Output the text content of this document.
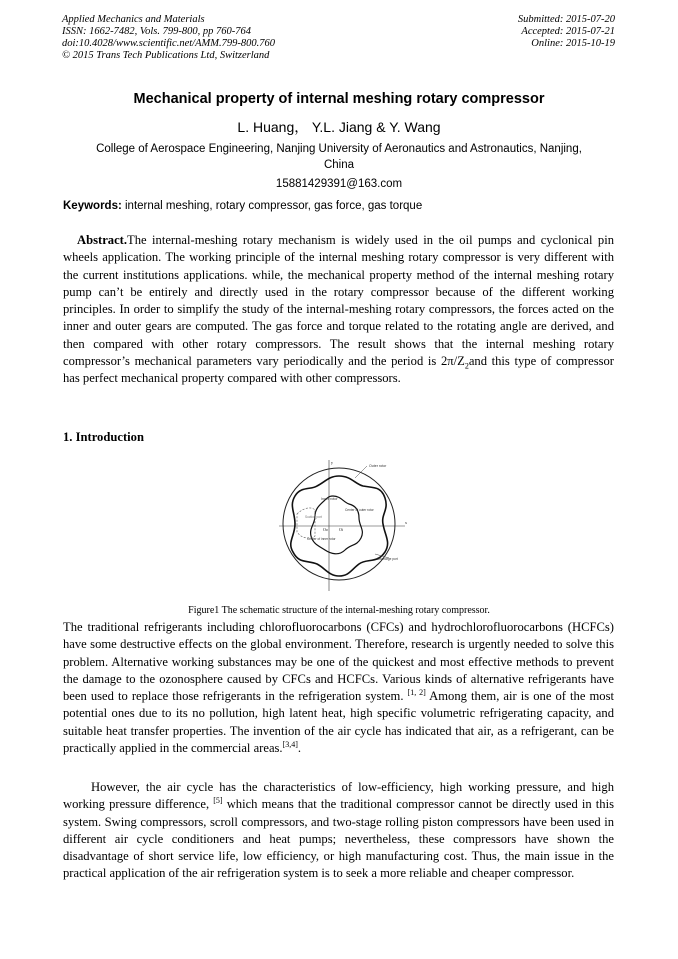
Applied Mechanics and Materials
ISSN: 1662-7482, Vols. 799-800, pp 760-764
doi:10.4028/www.scientific.net/AMM.799-800.760
© 2015 Trans Tech Publications Ltd, Switzerland
Submitted: 2015-07-20
Accepted: 2015-07-21
Online: 2015-10-19
Mechanical property of internal meshing rotary compressor
L. Huang， Y.L. Jiang & Y. Wang
College of Aerospace Engineering, Nanjing University of Aeronautics and Astronautics, Nanjing, China
15881429391@163.com
Keywords: internal meshing, rotary compressor, gas force, gas torque
Abstract.The internal-meshing rotary mechanism is widely used in the oil pumps and cyclonical pin wheels application. The working principle of the internal meshing rotary compressor is very different with the current institutions applications. while, the mechanical property method of the internal meshing rotary pump can’t be entirely and directly used in the rotary compressor because of the different working principles. In order to simplify the study of the internal-meshing rotary compressors, the forces acted on the inner and outer gears are computed. The gas force and torque related to the rotating angle are derived, and then compared with other rotary compressors. The result shows that the internal meshing rotary compressor’s mechanical parameters vary periodically and the period is $2\pi/Z_2and$ this type of compressor has perfect mechanical property compared with other compressors.
1. Introduction
Outer rotor
Inner rotor
Suction port
Discharge port
Center of outer rotor
Center of inner rotor
Oo	Oi
x
y
Figure1 The schematic structure of the internal-meshing rotary compressor.
The traditional refrigerants including chlorofluorocarbons (CFCs) and hydrochlorofluorocarbons (HCFCs) have some destructive effects on the global environment. Therefore, research is urgently needed to solve this problem. Alternative working substances may be one of the quickest and most effective methods to prevent the damage to the ozonosphere caused by CFCs and HCFCs. Various kinds of alternative refrigerants have been used to replace those refrigerants in the refrigeration system. [1, 2] Among them, air is one of the most potential ones due to its no pollution, high latent heat, high specific volumetric refrigerating capacity, and suitable heat transfer properties. The invention of the air cycle has indicated that air, as a refrigerant, can be practically applied in the commercial areas.[3,4].
However, the air cycle has the characteristics of low-efficiency, high working pressure, and high working pressure difference, [5] which means that the traditional compressor cannot be directly used in this system. Swing compressors, scroll compressors, and two-stage rolling piston compressors have been used in different air cycle conditioners and heat pumps; nevertheless, these compressors have shown the disadvantage of short service life, low efficiency, or high manufacturing cost. Thus, the main issue in the practical application of the air refrigeration system is to seek a more reliable and cheaper compressor.
